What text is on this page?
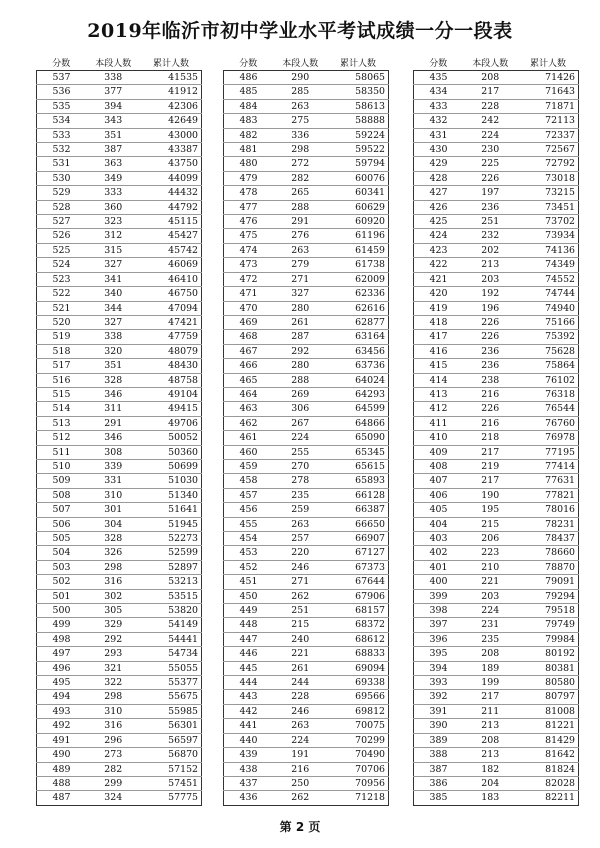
2019年临沂市初中学业水平考试成绩一分一段表
分数	本段人数	累计人数
537	338	41535
536	377	41912
535	394	42306
534	343	42649
533	351	43000
532	387	43387
531	363	43750
530	349	44099
529	333	44432
528	360	44792
527	323	45115
526	312	45427
525	315	45742
524	327	46069
523	341	46410
522	340	46750
521	344	47094
520	327	47421
519	338	47759
518	320	48079
517	351	48430
516	328	48758
515	346	49104
514	311	49415
513	291	49706
512	346	50052
511	308	50360
510	339	50699
509	331	51030
508	310	51340
507	301	51641
506	304	51945
505	328	52273
504	326	52599
503	298	52897
502	316	53213
501	302	53515
500	305	53820
499	329	54149
498	292	54441
497	293	54734
496	321	55055
495	322	55377
494	298	55675
493	310	55985
492	316	56301
491	296	56597
490	273	56870
489	282	57152
488	299	57451
487	324	57775
分数	本段人数	累计人数
486	290	58065
485	285	58350
484	263	58613
483	275	58888
482	336	59224
481	298	59522
480	272	59794
479	282	60076
478	265	60341
477	288	60629
476	291	60920
475	276	61196
474	263	61459
473	279	61738
472	271	62009
471	327	62336
470	280	62616
469	261	62877
468	287	63164
467	292	63456
466	280	63736
465	288	64024
464	269	64293
463	306	64599
462	267	64866
461	224	65090
460	255	65345
459	270	65615
458	278	65893
457	235	66128
456	259	66387
455	263	66650
454	257	66907
453	220	67127
452	246	67373
451	271	67644
450	262	67906
449	251	68157
448	215	68372
447	240	68612
446	221	68833
445	261	69094
444	244	69338
443	228	69566
442	246	69812
441	263	70075
440	224	70299
439	191	70490
438	216	70706
437	250	70956
436	262	71218
分数	本段人数	累计人数
435	208	71426
434	217	71643
433	228	71871
432	242	72113
431	224	72337
430	230	72567
429	225	72792
428	226	73018
427	197	73215
426	236	73451
425	251	73702
424	232	73934
423	202	74136
422	213	74349
421	203	74552
420	192	74744
419	196	74940
418	226	75166
417	226	75392
416	236	75628
415	236	75864
414	238	76102
413	216	76318
412	226	76544
411	216	76760
410	218	76978
409	217	77195
408	219	77414
407	217	77631
406	190	77821
405	195	78016
404	215	78231
403	206	78437
402	223	78660
401	210	78870
400	221	79091
399	203	79294
398	224	79518
397	231	79749
396	235	79984
395	208	80192
394	189	80381
393	199	80580
392	217	80797
391	211	81008
390	213	81221
389	208	81429
388	213	81642
387	182	81824
386	204	82028
385	183	82211
第 2 页
